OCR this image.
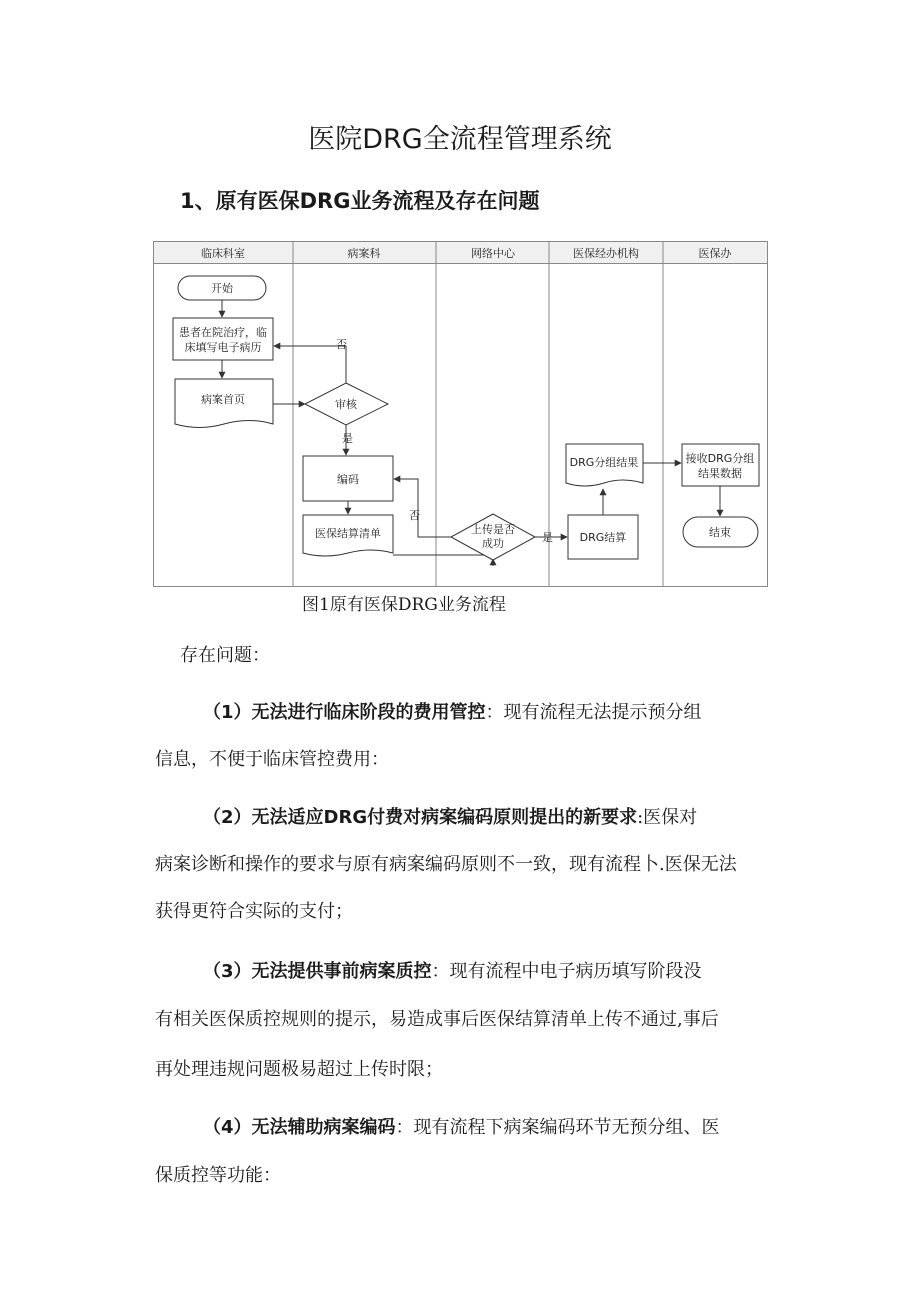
医院DRG全流程管理系统
1、原有医保DRG业务流程及存在问题
临床科室	病案科	网络中心	医保经办机构	医保办
开始
患者在院治疗，临
床填写电子病历
病案首页	审核
否
是
编码
医保结算清单	上传是否
成功
否
是 DRG结算
DRG分组结果	接收DRG分组
结果数据
结束
图1原有医保DRG业务流程
存在问题：
（1）无法进行临床阶段的费用管控：现有流程无法提示预分组
信息，不便于临床管控费用：
（2）无法适应DRG付费对病案编码原则提出的新要求:医保对
病案诊断和操作的要求与原有病案编码原则不一致，现有流程卜.医保无法
获得更符合实际的支付；
（3）无法提供事前病案质控：现有流程中电子病历填写阶段没
有相关医保质控规则的提示，易造成事后医保结算清单上传不通过,事后
再处理违规问题极易超过上传时限；
（4）无法辅助病案编码：现有流程下病案编码环节无预分组、医
保质控等功能：
